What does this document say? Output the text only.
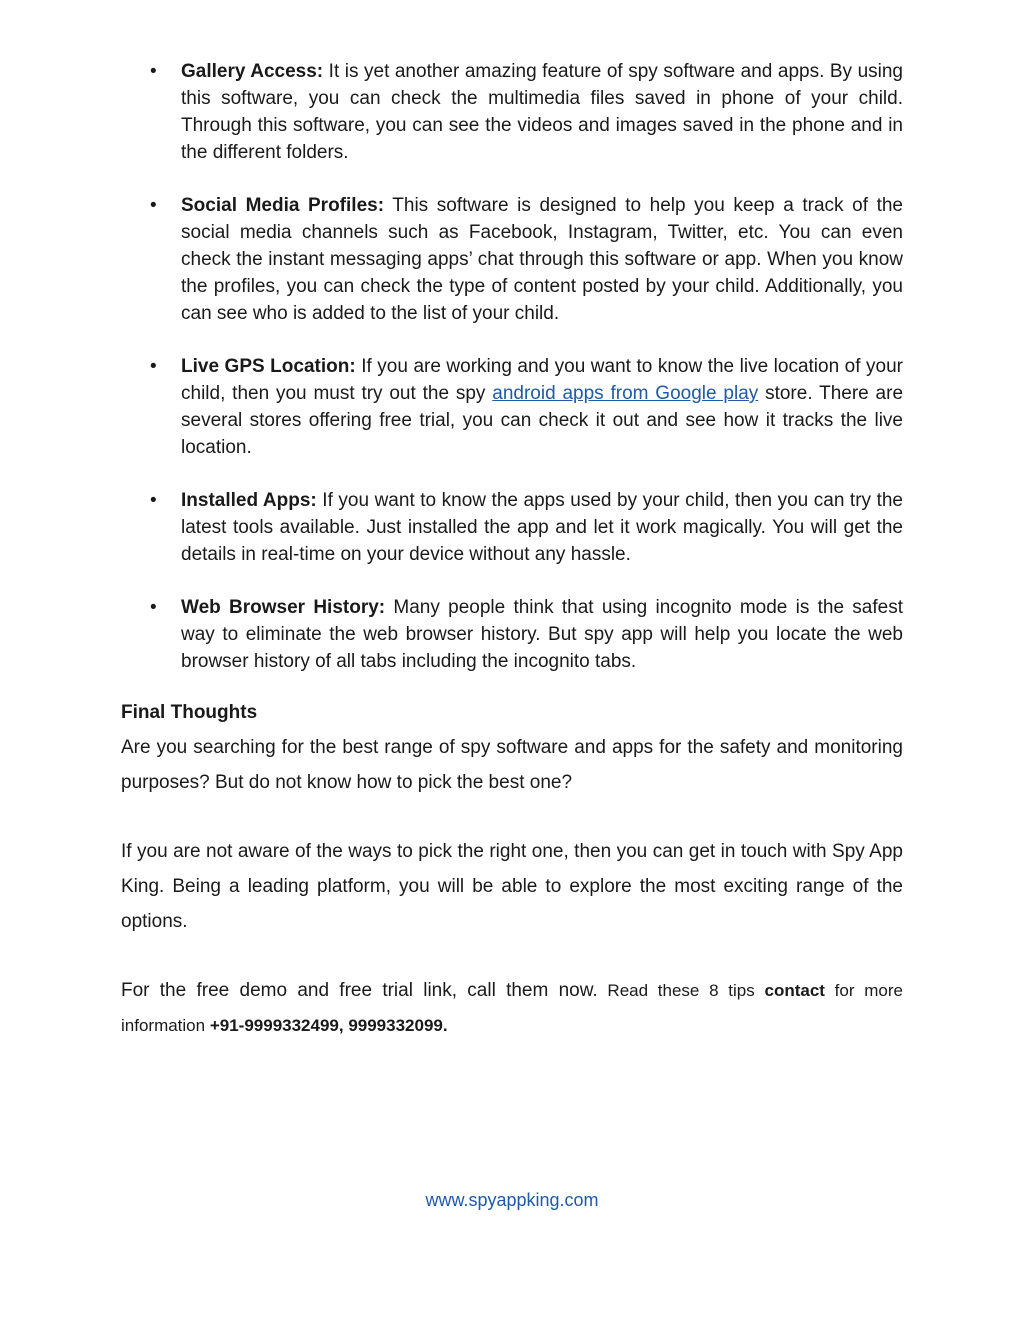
• Gallery Access: It is yet another amazing feature of spy software and apps. By using this software, you can check the multimedia files saved in phone of your child. Through this software, you can see the videos and images saved in the phone and in the different folders.
• Social Media Profiles: This software is designed to help you keep a track of the social media channels such as Facebook, Instagram, Twitter, etc. You can even check the instant messaging apps’ chat through this software or app. When you know the profiles, you can check the type of content posted by your child. Additionally, you can see who is added to the list of your child.
• Live GPS Location: If you are working and you want to know the live location of your child, then you must try out the spy android apps from Google play store. There are several stores offering free trial, you can check it out and see how it tracks the live location.
• Installed Apps: If you want to know the apps used by your child, then you can try the latest tools available. Just installed the app and let it work magically. You will get the details in real-time on your device without any hassle.
• Web Browser History: Many people think that using incognito mode is the safest way to eliminate the web browser history. But spy app will help you locate the web browser history of all tabs including the incognito tabs.
Final Thoughts

Are you searching for the best range of spy software and apps for the safety and monitoring purposes? But do not know how to pick the best one?

If you are not aware of the ways to pick the right one, then you can get in touch with Spy App King. Being a leading platform, you will be able to explore the most exciting range of the options.

For the free demo and free trial link, call them now. Read these 8 tips contact for more information +91-9999332499, 9999332099.

www.spyappking.com
